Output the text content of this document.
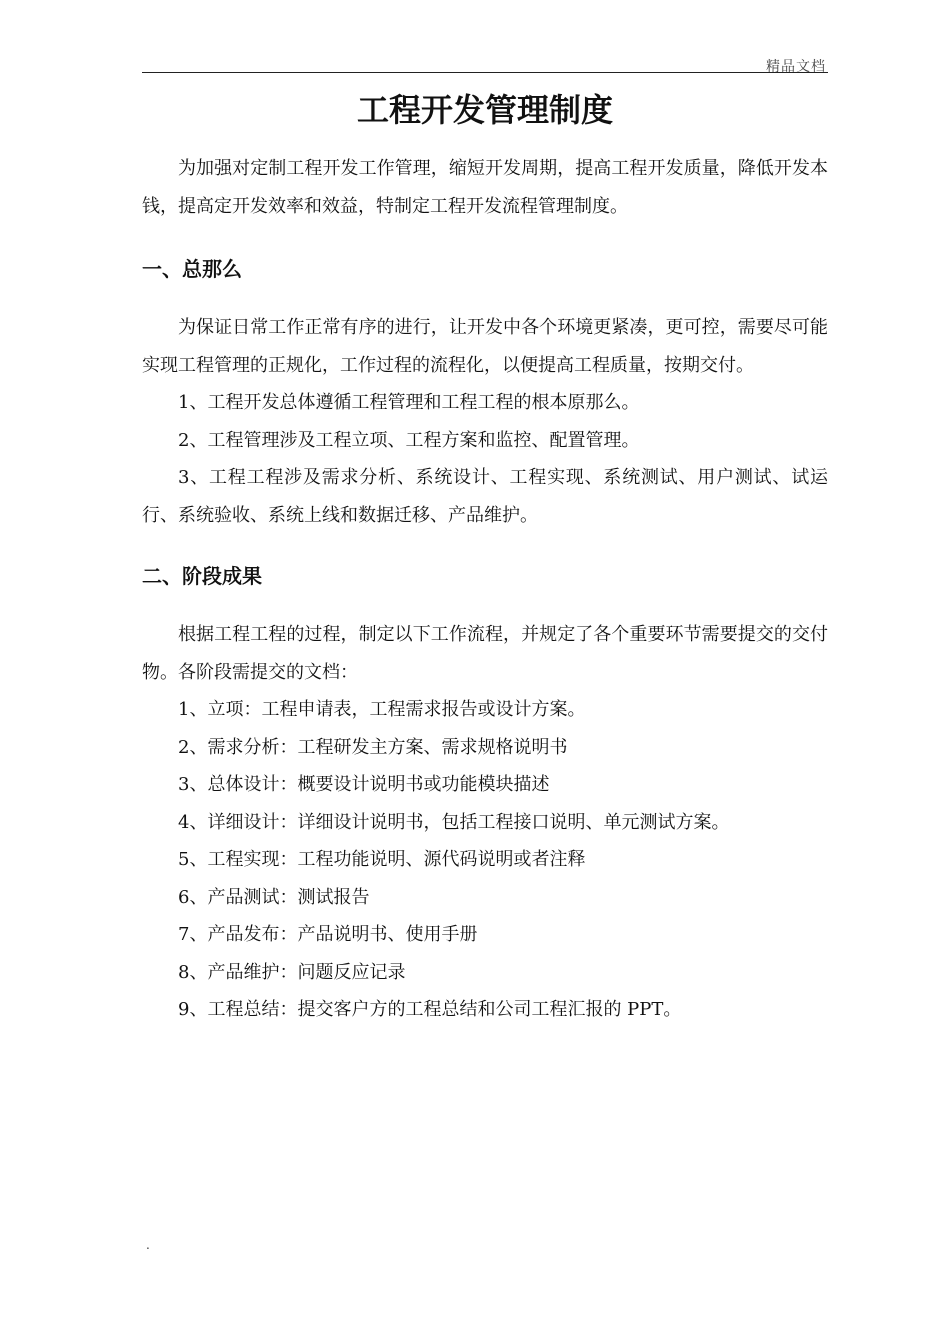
精品文档
工程开发管理制度

为加强对定制工程开发工作管理，缩短开发周期，提高工程开发质量，降低开发本钱，提高定开发效率和效益，特制定工程开发流程管理制度。

一、总那么

为保证日常工作正常有序的进行，让开发中各个环境更紧凑，更可控，需要尽可能实现工程管理的正规化，工作过程的流程化，以便提高工程质量，按期交付。

1、工程开发总体遵循工程管理和工程工程的根本原那么。

2、工程管理涉及工程立项、工程方案和监控、配置管理。

3、工程工程涉及需求分析、系统设计、工程实现、系统测试、用户测试、试运行、系统验收、系统上线和数据迁移、产品维护。

二、阶段成果

根据工程工程的过程，制定以下工作流程，并规定了各个重要环节需要提交的交付物。各阶段需提交的文档：

1、立项：工程申请表，工程需求报告或设计方案。

2、需求分析：工程研发主方案、需求规格说明书

3、总体设计：概要设计说明书或功能模块描述

4、详细设计：详细设计说明书，包括工程接口说明、单元测试方案。

5、工程实现：工程功能说明、源代码说明或者注释

6、产品测试：测试报告

7、产品发布：产品说明书、使用手册

8、产品维护：问题反应记录

9、工程总结：提交客户方的工程总结和公司工程汇报的 PPT。

.
